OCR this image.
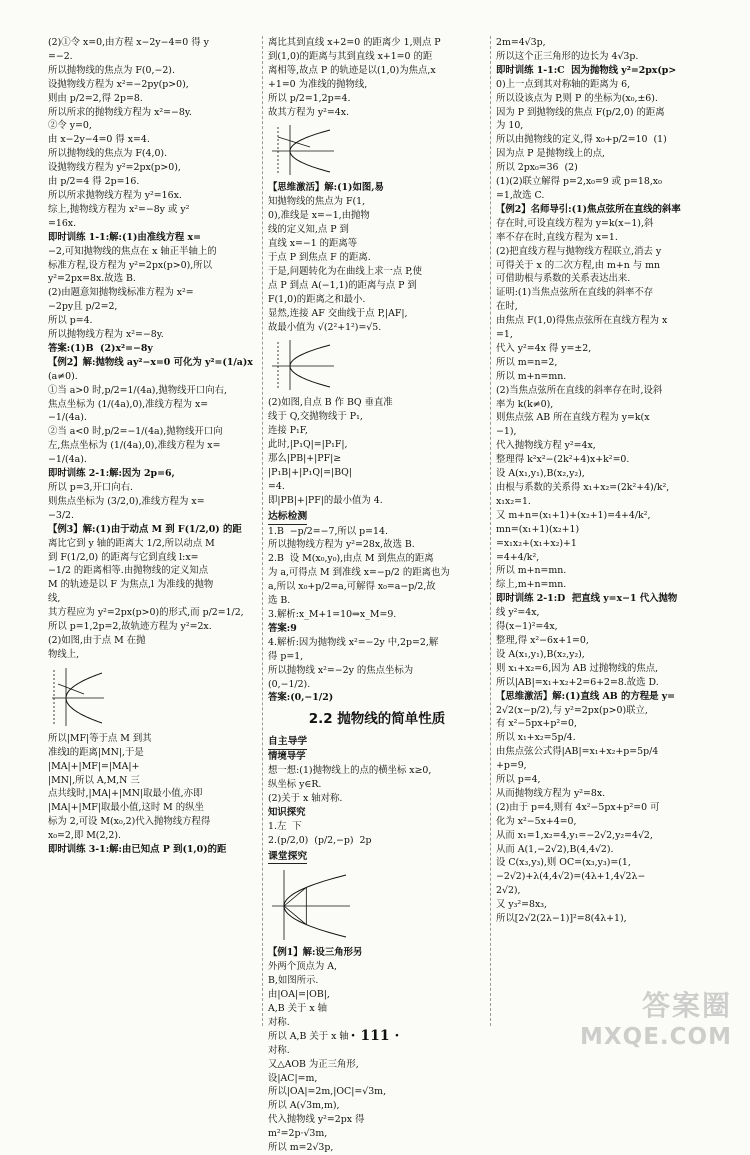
(2)①令 x=0,由方程 x−2y−4=0 得 y
=−2.
所以抛物线的焦点为 F(0,−2).
设抛物线方程为 x²=−2py(p>0),
则由 p/2=2,得 2p=8.
所以所求的抛物线方程为 x²=−8y.
②令 y=0,
由 x−2y−4=0 得 x=4.
所以抛物线的焦点为 F(4,0).
设抛物线方程为 y²=2px(p>0),
由 p/2=4 得 2p=16.
所以所求抛物线方程为 y²=16x.
综上,抛物线方程为 x²=−8y 或 y²
=16x.
即时训练 1-1:解:(1)由准线方程 x=
−2,可知抛物线的焦点在 x 轴正半轴上的
标准方程,设方程为 y²=2px(p>0),所以
y²=2px=8x.故选 B.
(2)由题意知抛物线标准方程为 x²=
−2py且 p/2=2,
所以 p=4.
所以抛物线方程为 x²=−8y.
答案:(1)B  (2)x²=−8y
【例2】解:抛物线 ay²−x=0 可化为 y²=(1/a)x
(a≠0).
①当 a>0 时,p/2=1/(4a),抛物线开口向右,
焦点坐标为 (1/(4a),0),准线方程为 x=
−1/(4a).
②当 a<0 时,p/2=−1/(4a),抛物线开口向
左,焦点坐标为 (1/(4a),0),准线方程为 x=
−1/(4a).
即时训练 2-1:解:因为 2p=6,
所以 p=3,开口向右.
则焦点坐标为 (3/2,0),准线方程为 x=
−3/2.
【例3】解:(1)由于动点 M 到 F(1/2,0) 的距
离比它到 y 轴的距离大 1/2,所以动点 M
到 F(1/2,0) 的距离与它到直线 l:x=
−1/2 的距离相等.由抛物线的定义知点
M 的轨迹是以 F 为焦点,l 为准线的抛物
线,
其方程应为 y²=2px(p>0)的形式,而 p/2=1/2,
所以 p=1,2p=2,故轨迹方程为 y²=2x.
(2)如图,由于点 M 在抛
物线上,
所以|MF|等于点 M 到其
准线l的距离|MN|,于是
|MA|+|MF|=|MA|+
|MN|,所以 A,M,N 三
点共线时,|MA|+|MN|取最小值,亦即
|MA|+|MF|取最小值,这时 M 的纵坐
标为 2,可设 M(x₀,2)代入抛物线方程得
x₀=2,即 M(2,2).
即时训练 3-1:解:由已知点 P 到(1,0)的距
离比其到直线 x+2=0 的距离少 1,则点 P
到(1,0)的距离与其到直线 x+1=0 的距
离相等,故点 P 的轨迹是以(1,0)为焦点,x
+1=0 为准线的抛物线,
所以 p/2=1,2p=4.
故其方程为 y²=4x.
【思维激活】解:(1)如图,易
知抛物线的焦点为 F(1,
0),准线是 x=−1,由抛物
线的定义知,点 P 到
直线 x=−1 的距离等
于点 P 到焦点 F 的距离.
于是,问题转化为在曲线上求一点 P,使
点 P 到点 A(−1,1)的距离与点 P 到
F(1,0)的距离之和最小.
显然,连接 AF 交曲线于点 P,|AF|,
故最小值为 √(2²+1²)=√5.
(2)如图,自点 B 作 BQ 垂直准
线于 Q,交抛物线于 P₁,
连接 P₁F,
此时,|P₁Q|=|P₁F|,
那么|PB|+|PF|≥
|P₁B|+|P₁Q|=|BQ|
=4.
即|PB|+|PF|的最小值为 4.
达标检测
1.B  −p/2=−7,所以 p=14.
所以抛物线方程为 y²=28x,故选 B.
2.B  设 M(x₀,y₀),由点 M 到焦点的距离
为 a,可得点 M 到准线 x=−p/2 的距离也为
a,所以 x₀+p/2=a,可解得 x₀=a−p/2,故
选 B.
3.解析:x_M+1=10⇒x_M=9.
答案:9
4.解析:因为抛物线 x²=−2y 中,2p=2,解
得 p=1,
所以抛物线 x²=−2y 的焦点坐标为
(0,−1/2).
答案:(0,−1/2)
2.2 抛物线的简单性质
自主导学
情境导学
想一想:(1)抛物线上的点的横坐标 x≥0,
纵坐标 y∈R.
(2)关于 x 轴对称.
知识探究
1.左  下
2.(p/2,0)  (p/2,−p)  2p
课堂探究
【例1】解:设三角形另
外两个顶点为 A,
B,如图所示.
由|OA|=|OB|,
A,B 关于 x 轴
对称.
所以 A,B 关于 x 轴
对称.
又△AOB 为正三角形,
设|AC|=m,
所以|OA|=2m,|OC|=√3m,
所以 A(√3m,m),
代入抛物线 y²=2px 得
m²=2p·√3m,
所以 m=2√3p,
2m=4√3p,
所以这个正三角形的边长为 4√3p.
即时训练 1-1:C  因为抛物线 y²=2px(p>
0)上一点到其对称轴的距离为 6,
所以设该点为 P,则 P 的坐标为(x₀,±6).
因为 P 到抛物线的焦点 F(p/2,0) 的距离
为 10,
所以由抛物线的定义,得 x₀+p/2=10  (1)
因为点 P 是抛物线上的点,
所以 2px₀=36  (2)
(1)(2)联立解得 p=2,x₀=9 或 p=18,x₀
=1,故选 C.
【例2】名师导引:(1)焦点弦所在直线的斜率
存在时,可设直线方程为 y=k(x−1),斜
率不存在时,直线方程为 x=1.
(2)把直线方程与抛物线方程联立,消去 y
可得关于 x 的二次方程,由 m+n 与 mn
可借助根与系数的关系表达出来.
证明:(1)当焦点弦所在直线的斜率不存
在时,
由焦点 F(1,0)得焦点弦所在直线方程为 x
=1,
代入 y²=4x 得 y=±2,
所以 m=n=2,
所以 m+n=mn.
(2)当焦点弦所在直线的斜率存在时,设斜
率为 k(k≠0),
则焦点弦 AB 所在直线方程为 y=k(x
−1),
代入抛物线方程 y²=4x,
整理得 k²x²−(2k²+4)x+k²=0.
设 A(x₁,y₁),B(x₂,y₂),
由根与系数的关系得 x₁+x₂=(2k²+4)/k²,
x₁x₂=1.
又 m+n=(x₁+1)+(x₂+1)=4+4/k²,
mn=(x₁+1)(x₂+1)
=x₁x₂+(x₁+x₂)+1
=4+4/k²,
所以 m+n=mn.
综上,m+n=mn.
即时训练 2-1:D  把直线 y=x−1 代入抛物
线 y²=4x,
得(x−1)²=4x,
整理,得 x²−6x+1=0,
设 A(x₁,y₁),B(x₂,y₂),
则 x₁+x₂=6,因为 AB 过抛物线的焦点,
所以|AB|=x₁+x₂+2=6+2=8.故选 D.
【思维激活】解:(1)直线 AB 的方程是 y=
2√2(x−p/2),与 y²=2px(p>0)联立,
有 x²−5px+p²=0,
所以 x₁+x₂=5p/4.
由焦点弦公式得|AB|=x₁+x₂+p=5p/4
+p=9,
所以 p=4,
从而抛物线方程为 y²=8x.
(2)由于 p=4,则有 4x²−5px+p²=0 可
化为 x²−5x+4=0,
从而 x₁=1,x₂=4,y₁=−2√2,y₂=4√2,
从而 A(1,−2√2),B(4,4√2).
设 C(x₃,y₃),则 OC=(x₃,y₃)=(1,
−2√2)+λ(4,4√2)=(4λ+1,4√2λ−
2√2),
又 y₃²=8x₃,
所以[2√2(2λ−1)]²=8(4λ+1),
· 111 ·
答案圈
MXQE.COM
